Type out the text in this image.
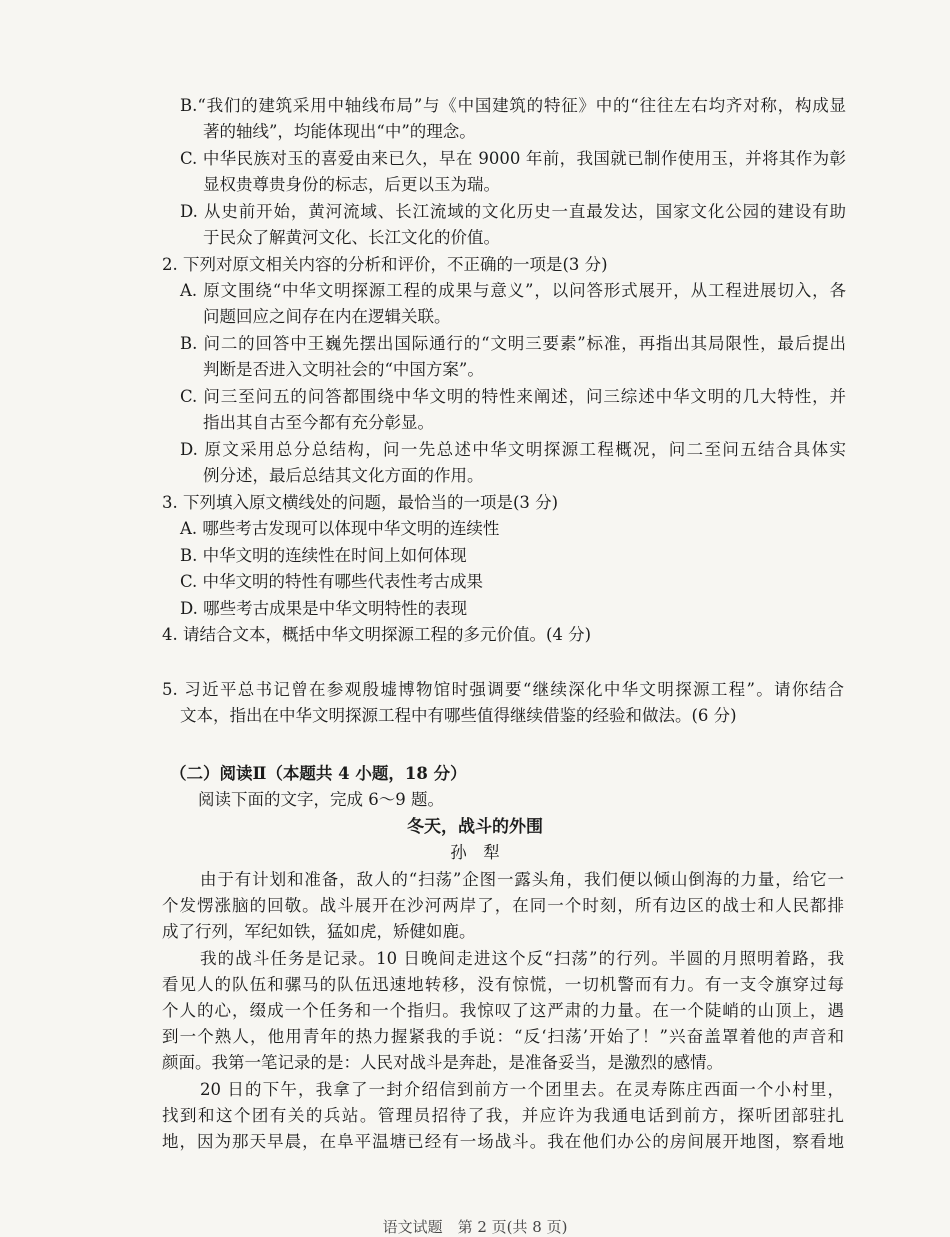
B.“我们的建筑采用中轴线布局”与《中国建筑的特征》中的“往往左右均齐对称，构成显
著的轴线”，均能体现出“中”的理念。
C. 中华民族对玉的喜爱由来已久，早在 9000 年前，我国就已制作使用玉，并将其作为彰
显权贵尊贵身份的标志，后更以玉为瑞。
D. 从史前开始，黄河流域、长江流域的文化历史一直最发达，国家文化公园的建设有助
于民众了解黄河文化、长江文化的价值。
2. 下列对原文相关内容的分析和评价，不正确的一项是(3 分)
A. 原文围绕“中华文明探源工程的成果与意义”，以问答形式展开，从工程进展切入，各
问题回应之间存在内在逻辑关联。
B. 问二的回答中王巍先摆出国际通行的“文明三要素”标准，再指出其局限性，最后提出
判断是否进入文明社会的“中国方案”。
C. 问三至问五的问答都围绕中华文明的特性来阐述，问三综述中华文明的几大特性，并
指出其自古至今都有充分彰显。
D. 原文采用总分总结构，问一先总述中华文明探源工程概况，问二至问五结合具体实
例分述，最后总结其文化方面的作用。
3. 下列填入原文横线处的问题，最恰当的一项是(3 分)
A. 哪些考古发现可以体现中华文明的连续性
B. 中华文明的连续性在时间上如何体现
C. 中华文明的特性有哪些代表性考古成果
D. 哪些考古成果是中华文明特性的表现
4. 请结合文本，概括中华文明探源工程的多元价值。(4 分)
5. 习近平总书记曾在参观殷墟博物馆时强调要“继续深化中华文明探源工程”。请你结合
文本，指出在中华文明探源工程中有哪些值得继续借鉴的经验和做法。(6 分)
（二）阅读Ⅱ（本题共 4 小题，18 分）
阅读下面的文字，完成 6～9 题。
冬天，战斗的外围
孙　犁
由于有计划和准备，敌人的“扫荡”企图一露头角，我们便以倾山倒海的力量，给它一
个发愣涨脑的回敬。战斗展开在沙河两岸了，在同一个时刻，所有边区的战士和人民都排
成了行列，军纪如铁，猛如虎，矫健如鹿。
我的战斗任务是记录。10 日晚间走进这个反“扫荡”的行列。半圆的月照明着路，我
看见人的队伍和骡马的队伍迅速地转移，没有惊慌，一切机警而有力。有一支令旗穿过每
个人的心，缀成一个任务和一个指归。我惊叹了这严肃的力量。在一个陡峭的山顶上，遇
到一个熟人，他用青年的热力握紧我的手说：“反‘扫荡’开始了！”兴奋盖罩着他的声音和
颜面。我第一笔记录的是：人民对战斗是奔赴，是准备妥当，是激烈的感情。
20 日的下午，我拿了一封介绍信到前方一个团里去。在灵寿陈庄西面一个小村里，
找到和这个团有关的兵站。管理员招待了我，并应许为我通电话到前方，探听团部驻扎
地，因为那天早晨，在阜平温塘已经有一场战斗。我在他们办公的房间展开地图，察看地
语文试题　第 2 页(共 8 页)
